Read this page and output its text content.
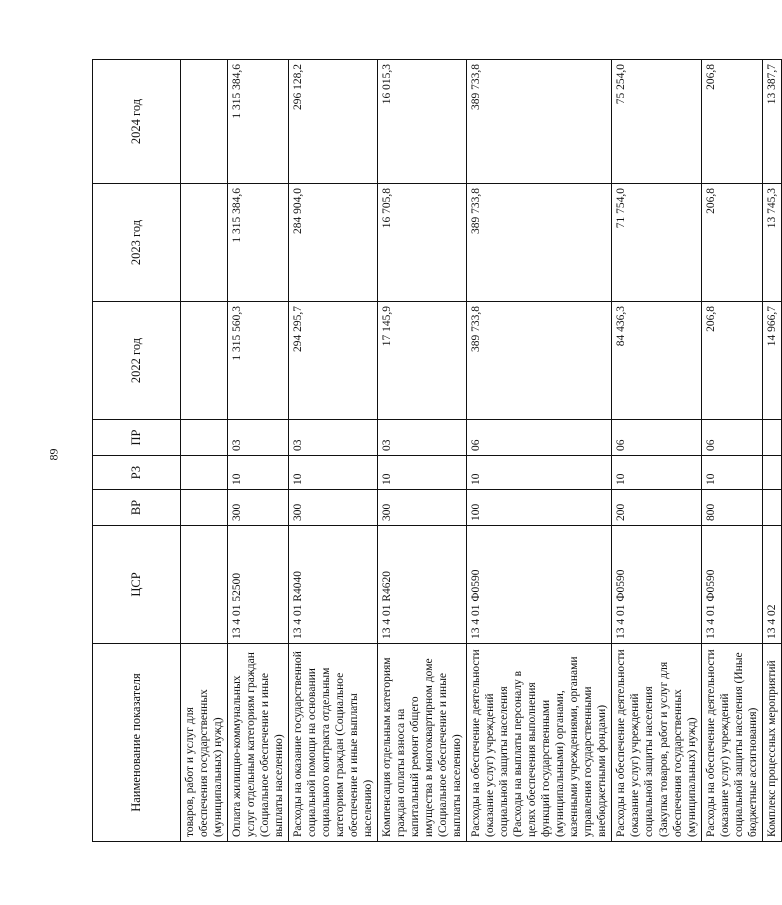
89
Наименование показателя	ЦСР	ВР	РЗ	ПР	2022 год	2023 год	2024 год
товаров, работ и услуг для обеспечения государственных (муниципальных) нужд)							
Оплата жилищно-коммунальных услуг отдельным категориям граждан (Социальное обеспечение и иные выплаты населению)	13 4 01 52500	300	10	03	1 315 560,3	1 315 384,6	1 315 384,6
Расходы на оказание государственной социальной помощи на основании социального контракта отдельным категориям граждан (Социальное обеспечение и иные выплаты населению)	13 4 01 R4040	300	10	03	294 295,7	284 904,0	296 128,2
Компенсация отдельным категориям граждан оплаты взноса на капитальный ремонт общего имущества в многоквартирном доме (Социальное обеспечение и иные выплаты населению)	13 4 01 R4620	300	10	03	17 145,9	16 705,8	16 015,3
Расходы на обеспечение деятельности (оказание услуг) учреждений социальной защиты населения (Расходы на выплаты персоналу в целях обеспечения выполнения функций государственными (муниципальными) органами, казенными учреждениями, органами управления государственными внебюджетными фондами)	13 4 01 Ф0590	100	10	06	389 733,8	389 733,8	389 733,8
Расходы на обеспечение деятельности (оказание услуг) учреждений социальной защиты населения (Закупка товаров, работ и услуг для обеспечения государственных (муниципальных) нужд)	13 4 01 Ф0590	200	10	06	84 436,3	71 754,0	75 254,0
Расходы на обеспечение деятельности (оказание услуг) учреждений социальной защиты населения (Иные бюджетные ассигнования)	13 4 01 Ф0590	800	10	06	206,8	206,8	206,8
Комплекс процессных мероприятий	13 4 02				14 966,7	13 745,3	13 387,7
